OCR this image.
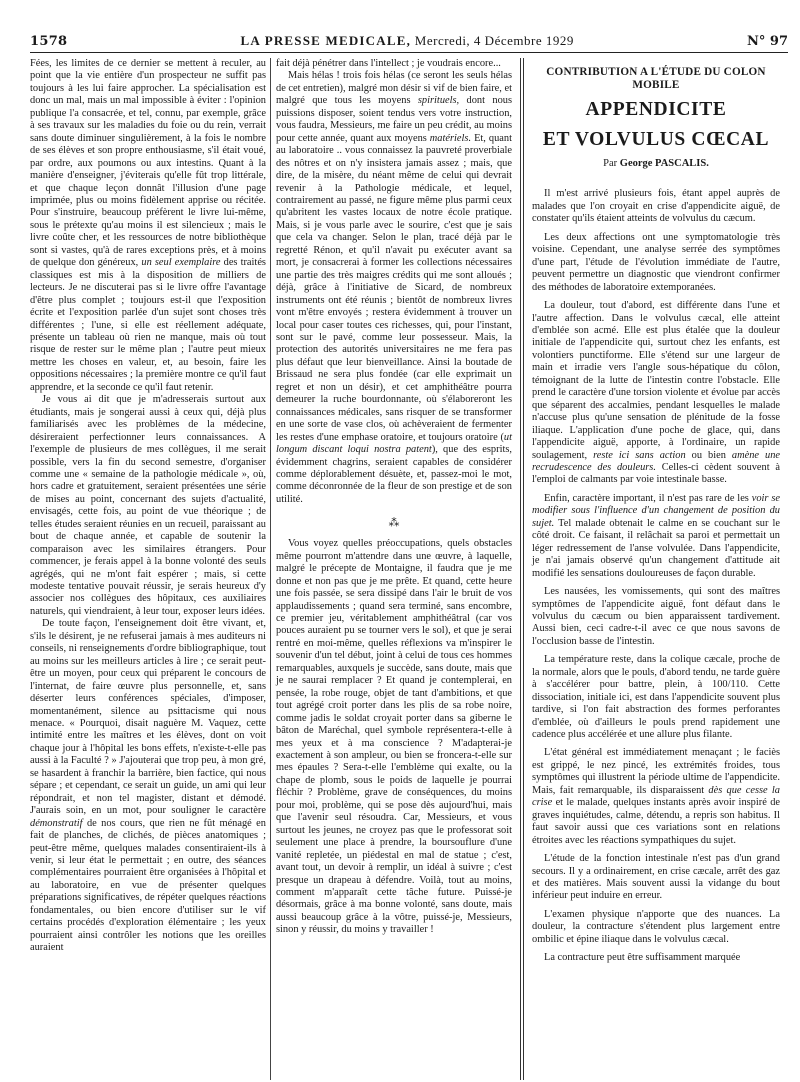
1578	LA PRESSE MEDICALE, Mercredi, 4 Décembre 1929	N° 97

Fées, les limites de ce dernier se mettent à reculer, au point que la vie entière d'un prospecteur ne suffit pas toujours à les lui faire approcher. La spécialisation est donc un mal, mais un mal impossible à éviter : l'opinion publique l'a consacrée, et tel, connu, par exemple, grâce à ses travaux sur les maladies du foie ou du rein, verrait sans doute diminuer singulièrement, à la fois le nombre de ses élèves et son propre enthousiasme, s'il était voué, par ordre, aux poumons ou aux intestins. Quant à la manière d'enseigner, j'éviterais qu'elle fût trop littérale, et que chaque leçon donnât l'illusion d'une page imprimée, plus ou moins fidèlement apprise ou récitée. Pour s'instruire, beaucoup préfèrent le livre lui-même, sous le prétexte qu'au moins il est silencieux ; mais le livre coûte cher, et les ressources de notre bibliothèque sont si vastes, qu'à de rares exceptions près, et à moins de quelque don généreux, un seul exemplaire des traités classiques est mis à la disposition de milliers de lecteurs. Je ne discuterai pas si le livre offre l'avantage d'être plus complet ; toujours est-il que l'exposition écrite et l'exposition parlée d'un sujet sont choses très différentes ; l'une, si elle est réellement adéquate, présente un tableau où rien ne manque, mais où tout risque de rester sur le même plan ; l'autre peut mieux mettre les choses en valeur, et, au besoin, faire les oppositions nécessaires ; la première montre ce qu'il faut apprendre, et la seconde ce qu'il faut retenir.

Je vous ai dit que je m'adresserais surtout aux étudiants, mais je songerai aussi à ceux qui, déjà plus familiarisés avec les problèmes de la médecine, désireraient perfectionner leurs connaissances. A l'exemple de plusieurs de mes collègues, il me serait possible, vers la fin du second semestre, d'organiser comme une « semaine de la pathologie médicale », où, hors cadre et gratuitement, seraient présentées une série de mises au point, concernant des sujets d'actualité, envisagés, cette fois, au point de vue théorique ; de telles études seraient réunies en un recueil, paraissant au bout de chaque année, et capable de soutenir la comparaison avec les similaires étrangers. Pour commencer, je ferais appel à la bonne volonté des seuls agrégés, qui ne m'ont fait espérer ; mais, si cette modeste tentative pouvait réussir, je serais heureux d'y associer nos collègues des hôpitaux, ces auxiliaires naturels, qui viendraient, à leur tour, exposer leurs idées.

De toute façon, l'enseignement doit être vivant, et, s'ils le désirent, je ne refuserai jamais à mes auditeurs ni conseils, ni renseignements d'ordre bibliographique, tout au moins sur les meilleurs articles à lire ; ce serait peut-être un moyen, pour ceux qui préparent le concours de l'internat, de faire œuvre plus personnelle, et, sans déserter leurs conférences spéciales, d'imposer, momentanément, silence au psittacisme qui nous menace. « Pourquoi, disait naguère M. Vaquez, cette intimité entre les maîtres et les élèves, dont on voit chaque jour à l'hôpital les bons effets, n'existe-t-elle pas aussi à la Faculté ? » J'ajouterai que trop peu, à mon gré, se hasardent à franchir la barrière, bien factice, qui nous sépare ; et cependant, ce serait un guide, un ami qui leur répondrait, et non tel magister, distant et démodé. J'aurais soin, en un mot, pour souligner le caractère démonstratif de nos cours, que rien ne fût ménagé en fait de planches, de clichés, de pièces anatomiques ; peut-être même, quelques malades consentiraient-ils à venir, si leur état le permettait ; en outre, des séances complémentaires pourraient être organisées à l'hôpital et au laboratoire, en vue de présenter quelques préparations significatives, de répéter quelques réactions fondamentales, ou bien encore d'utiliser sur le vif certains procédés d'exploration élémentaire ; les yeux pourraient ainsi contrôler les notions que les oreilles auraient

fait déjà pénétrer dans l'intellect ; je voudrais encore...

Mais hélas ! trois fois hélas (ce seront les seuls hélas de cet entretien), malgré mon désir si vif de bien faire, et malgré que tous les moyens spirituels, dont nous puissions disposer, soient tendus vers votre instruction, vous faudra, Messieurs, me faire un peu crédit, au moins pour cette année, quant aux moyens matériels. Et, quant au laboratoire .. vous connaissez la pauvreté proverbiale des nôtres et on n'y insistera jamais assez ; mais, que dire, de la misère, du néant même de celui qui devrait revenir à la Pathologie médicale, et lequel, contrairement au passé, ne figure même plus parmi ceux qu'abritent les vastes locaux de notre école pratique. Mais, si je vous parle avec le sourire, c'est que je sais que cela va changer. Selon le plan, tracé déjà par le regretté Rénon, et qu'il n'avait pu exécuter avant sa mort, je consacrerai à former les collections nécessaires une partie des très maigres crédits qui me sont alloués ; déjà, grâce à l'initiative de Sicard, de nombreux instruments ont été réunis ; bientôt de nombreux livres vont m'être envoyés ; restera évidemment à trouver un local pour caser toutes ces richesses, qui, pour l'instant, sont sur le pavé, comme leur possesseur. Mais, la protection des autorités universitaires ne me fera pas plus défaut que leur bienveillance. Ainsi la boutade de Brissaud ne sera plus fondée (car elle exprimait un regret et non un désir), et cet amphithéâtre pourra demeurer la ruche bourdonnante, où s'élaboreront les connaissances médicales, sans risquer de se transformer en une sorte de vase clos, où achèveraient de fermenter les restes d'une emphase oratoire, et toujours oratoire (ut longum discant loqui nostra patent), que des esprits, évidemment chagrins, seraient capables de considérer comme déplorablement désuète, et, passez-moi le mot, comme déconronnée de la fleur de son prestige et de son utilité.

⁂

Vous voyez quelles préoccupations, quels obstacles même pourront m'attendre dans une œuvre, à laquelle, malgré le précepte de Montaigne, il faudra que je me donne et non pas que je me prête. Et quand, cette heure une fois passée, se sera dissipé dans l'air le bruit de vos applaudissements ; quand sera terminé, sans encombre, ce premier jeu, véritablement amphithéâtral (car vos pouces auraient pu se tourner vers le sol), et que je serai rentré en moi-même, quelles réflexions va m'inspirer le souvenir d'un tel début, joint à celui de tous ces hommes remarquables, auxquels je succède, sans doute, mais que je ne saurai remplacer ? Et quand je contemplerai, en pensée, la robe rouge, objet de tant d'ambitions, et que tout agrégé croit porter dans les plis de sa robe noire, comme jadis le soldat croyait porter dans sa giberne le bâton de Maréchal, quel symbole représentera-t-elle à mes yeux et à ma conscience ? M'adapterai-je exactement à son ampleur, ou bien se froncera-t-elle sur mes épaules ? Sera-t-elle l'emblème qui exalte, ou la chape de plomb, sous le poids de laquelle je pourrai fléchir ? Problème, grave de conséquences, du moins pour moi, problème, qui se pose dès aujourd'hui, mais que l'avenir seul résoudra. Car, Messieurs, et vous surtout les jeunes, ne croyez pas que le professorat soit seulement une place à prendre, la boursouflure d'une vanité repletée, un piédestal en mal de statue ; c'est, avant tout, un devoir à remplir, un idéal à suivre ; c'est presque un drapeau à défendre. Voilà, tout au moins, comment m'apparaît cette tâche future. Puissé-je désormais, grâce à ma bonne volonté, sans doute, mais aussi beaucoup grâce à la vôtre, puissé-je, Messieurs, sinon y réussir, du moins y travailler !

CONTRIBUTION A L'ÉTUDE DU COLON MOBILE
APPENDICITE
ET VOLVULUS CŒCAL
Par George PASCALIS.

Il m'est arrivé plusieurs fois, étant appel auprès de malades que l'on croyait en crise d'appendicite aiguë, de constater qu'ils étaient atteints de volvulus du cæcum.

Les deux affections ont une symptomatologie très voisine. Cependant, une analyse serrée des symptômes d'une part, l'étude de l'évolution immédiate de l'autre, peuvent permettre un diagnostic que viendront confirmer des méthodes de laboratoire extemporanées.

La douleur, tout d'abord, est différente dans l'une et l'autre affection. Dans le volvulus cæcal, elle atteint d'emblée son acmé. Elle est plus étalée que la douleur initiale de l'appendicite qui, surtout chez les enfants, est volontiers punctiforme. Elle s'étend sur une largeur de main et irradie vers l'angle sous-hépatique du côlon, témoignant de la lutte de l'intestin contre l'obstacle. Elle prend le caractère d'une torsion violente et évolue par accès que séparent des accalmies, pendant lesquelles le malade n'accuse plus qu'une sensation de plénitude de la fosse iliaque. L'application d'une poche de glace, qui, dans l'appendicite aiguë, apporte, à l'ordinaire, un rapide soulagement, reste ici sans action ou bien amène une recrudescence des douleurs. Celles-ci cèdent souvent à l'emploi de calmants par voie intestinale basse.

Enfin, caractère important, il n'est pas rare de les voir se modifier sous l'influence d'un changement de position du sujet. Tel malade obtenait le calme en se couchant sur le côté droit. Ce faisant, il relâchait sa paroi et permettait un léger redressement de l'anse volvulée. Dans l'appendicite, je n'ai jamais observé qu'un changement d'attitude ait modifié les sensations douloureuses de façon durable.

Les nausées, les vomissements, qui sont des maîtres symptômes de l'appendicite aiguë, font défaut dans le volvulus du cæcum ou bien apparaissent tardivement. Aussi bien, ceci cadre-t-il avec ce que nous savons de l'occlusion basse de l'intestin.

La température reste, dans la colique cæcale, proche de la normale, alors que le pouls, d'abord tendu, ne tarde guère à s'accélérer pour battre, plein, à 100/110. Cette dissociation, initiale ici, est dans l'appendicite souvent plus tardive, si l'on fait abstraction des formes perforantes d'emblée, où d'ailleurs le pouls prend rapidement une cadence plus accélérée et une allure plus filante.

L'état général est immédiatement menaçant ; le faciès est grippé, le nez pincé, les extrémités froides, tous symptômes qui illustrent la période ultime de l'appendicite. Mais, fait remarquable, ils disparaissent dès que cesse la crise et le malade, quelques instants après avoir inspiré de graves inquiétudes, calme, détendu, a repris son habitus. Il faut savoir aussi que ces variations sont en relations étroites avec les réactions sympathiques du sujet.

L'étude de la fonction intestinale n'est pas d'un grand secours. Il y a ordinairement, en crise cæcale, arrêt des gaz et des matières. Mais souvent aussi la vidange du bout inférieur peut induire en erreur.

L'examen physique n'apporte que des nuances. La douleur, la contracture s'étendent plus largement entre ombilic et épine iliaque dans le volvulus cæcal.

La contracture peut être suffisamment marquée
